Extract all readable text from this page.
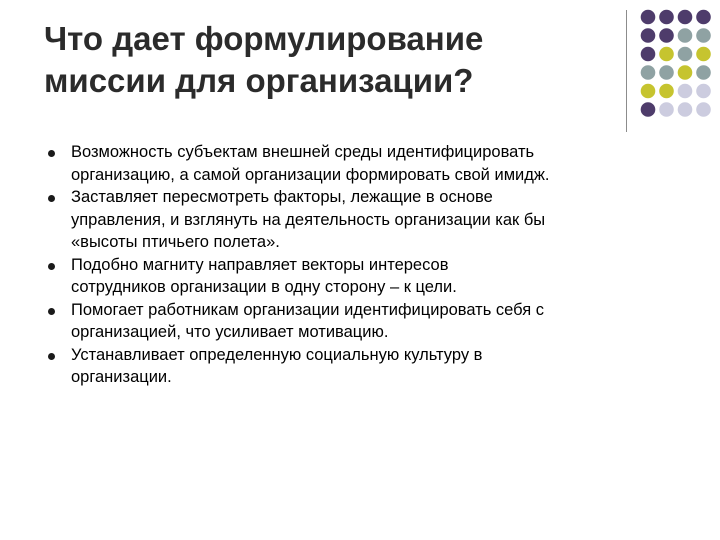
Что дает формулирование
миссии для организации?
Возможность субъектам внешней среды идентифицировать
организацию, а самой организации формировать свой имидж.
Заставляет пересмотреть факторы, лежащие в основе
управления, и взглянуть на деятельность организации как бы
«высоты птичьего полета».
Подобно магниту направляет векторы интересов
сотрудников организации в одну сторону – к цели.
Помогает работникам организации идентифицировать себя с
организацией, что усиливает мотивацию.
Устанавливает определенную социальную культуру в
организации.
